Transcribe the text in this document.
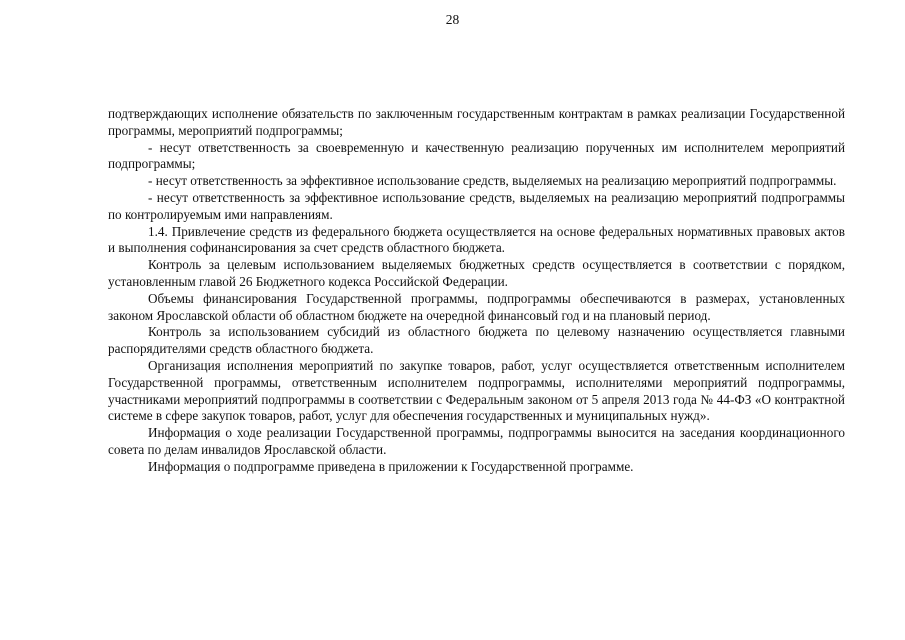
28

подтверждающих исполнение обязательств по заключенным государственным контрактам в рамках реализации Государственной программы, мероприятий подпрограммы;

- несут ответственность за своевременную и качественную реализацию порученных им исполнителем мероприятий подпрограммы;

- несут ответственность за эффективное использование средств, выделяемых на реализацию мероприятий подпрограммы.

- несут ответственность за эффективное использование средств, выделяемых на реализацию мероприятий подпрограммы по контролируемым ими направлениям.

1.4. Привлечение средств из федерального бюджета осуществляется на основе федеральных нормативных правовых актов и выполнения софинансирования за счет средств областного бюджета.

Контроль за целевым использованием выделяемых бюджетных средств осуществляется в соответствии с порядком, установленным главой 26 Бюджетного кодекса Российской Федерации.

Объемы финансирования Государственной программы, подпрограммы обеспечиваются в размерах, установленных законом Ярославской области об областном бюджете на очередной финансовый год и на плановый период.

Контроль за использованием субсидий из областного бюджета по целевому назначению осуществляется главными распорядителями средств областного бюджета.

Организация исполнения мероприятий по закупке товаров, работ, услуг осуществляется ответственным исполнителем Государственной программы, ответственным исполнителем подпрограммы, исполнителями мероприятий подпрограммы, участниками мероприятий подпрограммы в соответствии с Федеральным законом от 5 апреля 2013 года № 44-ФЗ «О контрактной системе в сфере закупок товаров, работ, услуг для обеспечения государственных и муниципальных нужд».

Информация о ходе реализации Государственной программы, подпрограммы выносится на заседания координационного совета по делам инвалидов Ярославской области.

Информация о подпрограмме приведена в приложении к Государственной программе.
